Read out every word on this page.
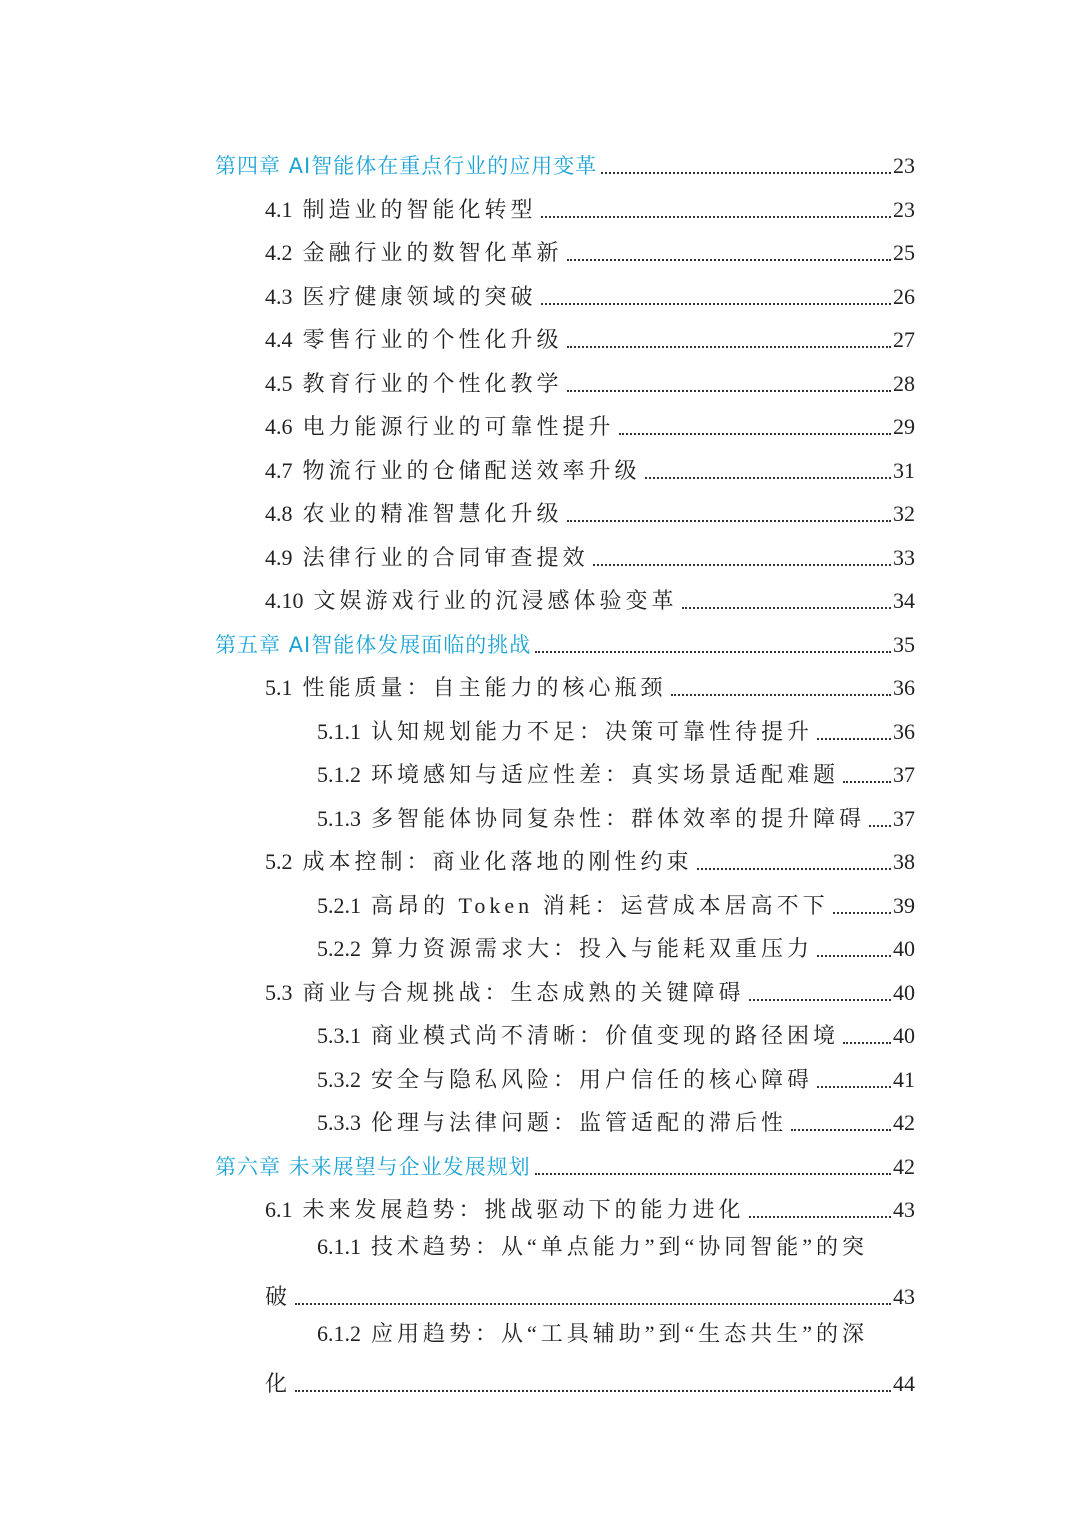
第四章 AI智能体在重点行业的应用变革	23
4.1 制造业的智能化转型	23
4.2 金融行业的数智化革新	25
4.3 医疗健康领域的突破	26
4.4 零售行业的个性化升级	27
4.5 教育行业的个性化教学	28
4.6 电力能源行业的可靠性提升	29
4.7 物流行业的仓储配送效率升级	31
4.8 农业的精准智慧化升级	32
4.9 法律行业的合同审查提效	33
4.10 文娱游戏行业的沉浸感体验变革	34
第五章 AI智能体发展面临的挑战	35
5.1 性能质量：自主能力的核心瓶颈	36
5.1.1 认知规划能力不足：决策可靠性待提升	36
5.1.2 环境感知与适应性差：真实场景适配难题 37
5.1.3 多智能体协同复杂性：群体效率的提升障碍 37
5.2 成本控制：商业化落地的刚性约束	38
5.2.1 高昂的 Token 消耗：运营成本居高不下	39
5.2.2 算力资源需求大：投入与能耗双重压力	40
5.3 商业与合规挑战：生态成熟的关键障碍	40
5.3.1 商业模式尚不清晰：价值变现的路径困境 40
5.3.2 安全与隐私风险：用户信任的核心障碍	41
5.3.3 伦理与法律问题：监管适配的滞后性	42
第六章 未来展望与企业发展规划	42
6.1 未来发展趋势：挑战驱动下的能力进化	43
6.1.1 技术趋势：从“单点能力”到“协同智能”的突
破	43
6.1.2 应用趋势：从“工具辅助”到“生态共生”的深
化	44
